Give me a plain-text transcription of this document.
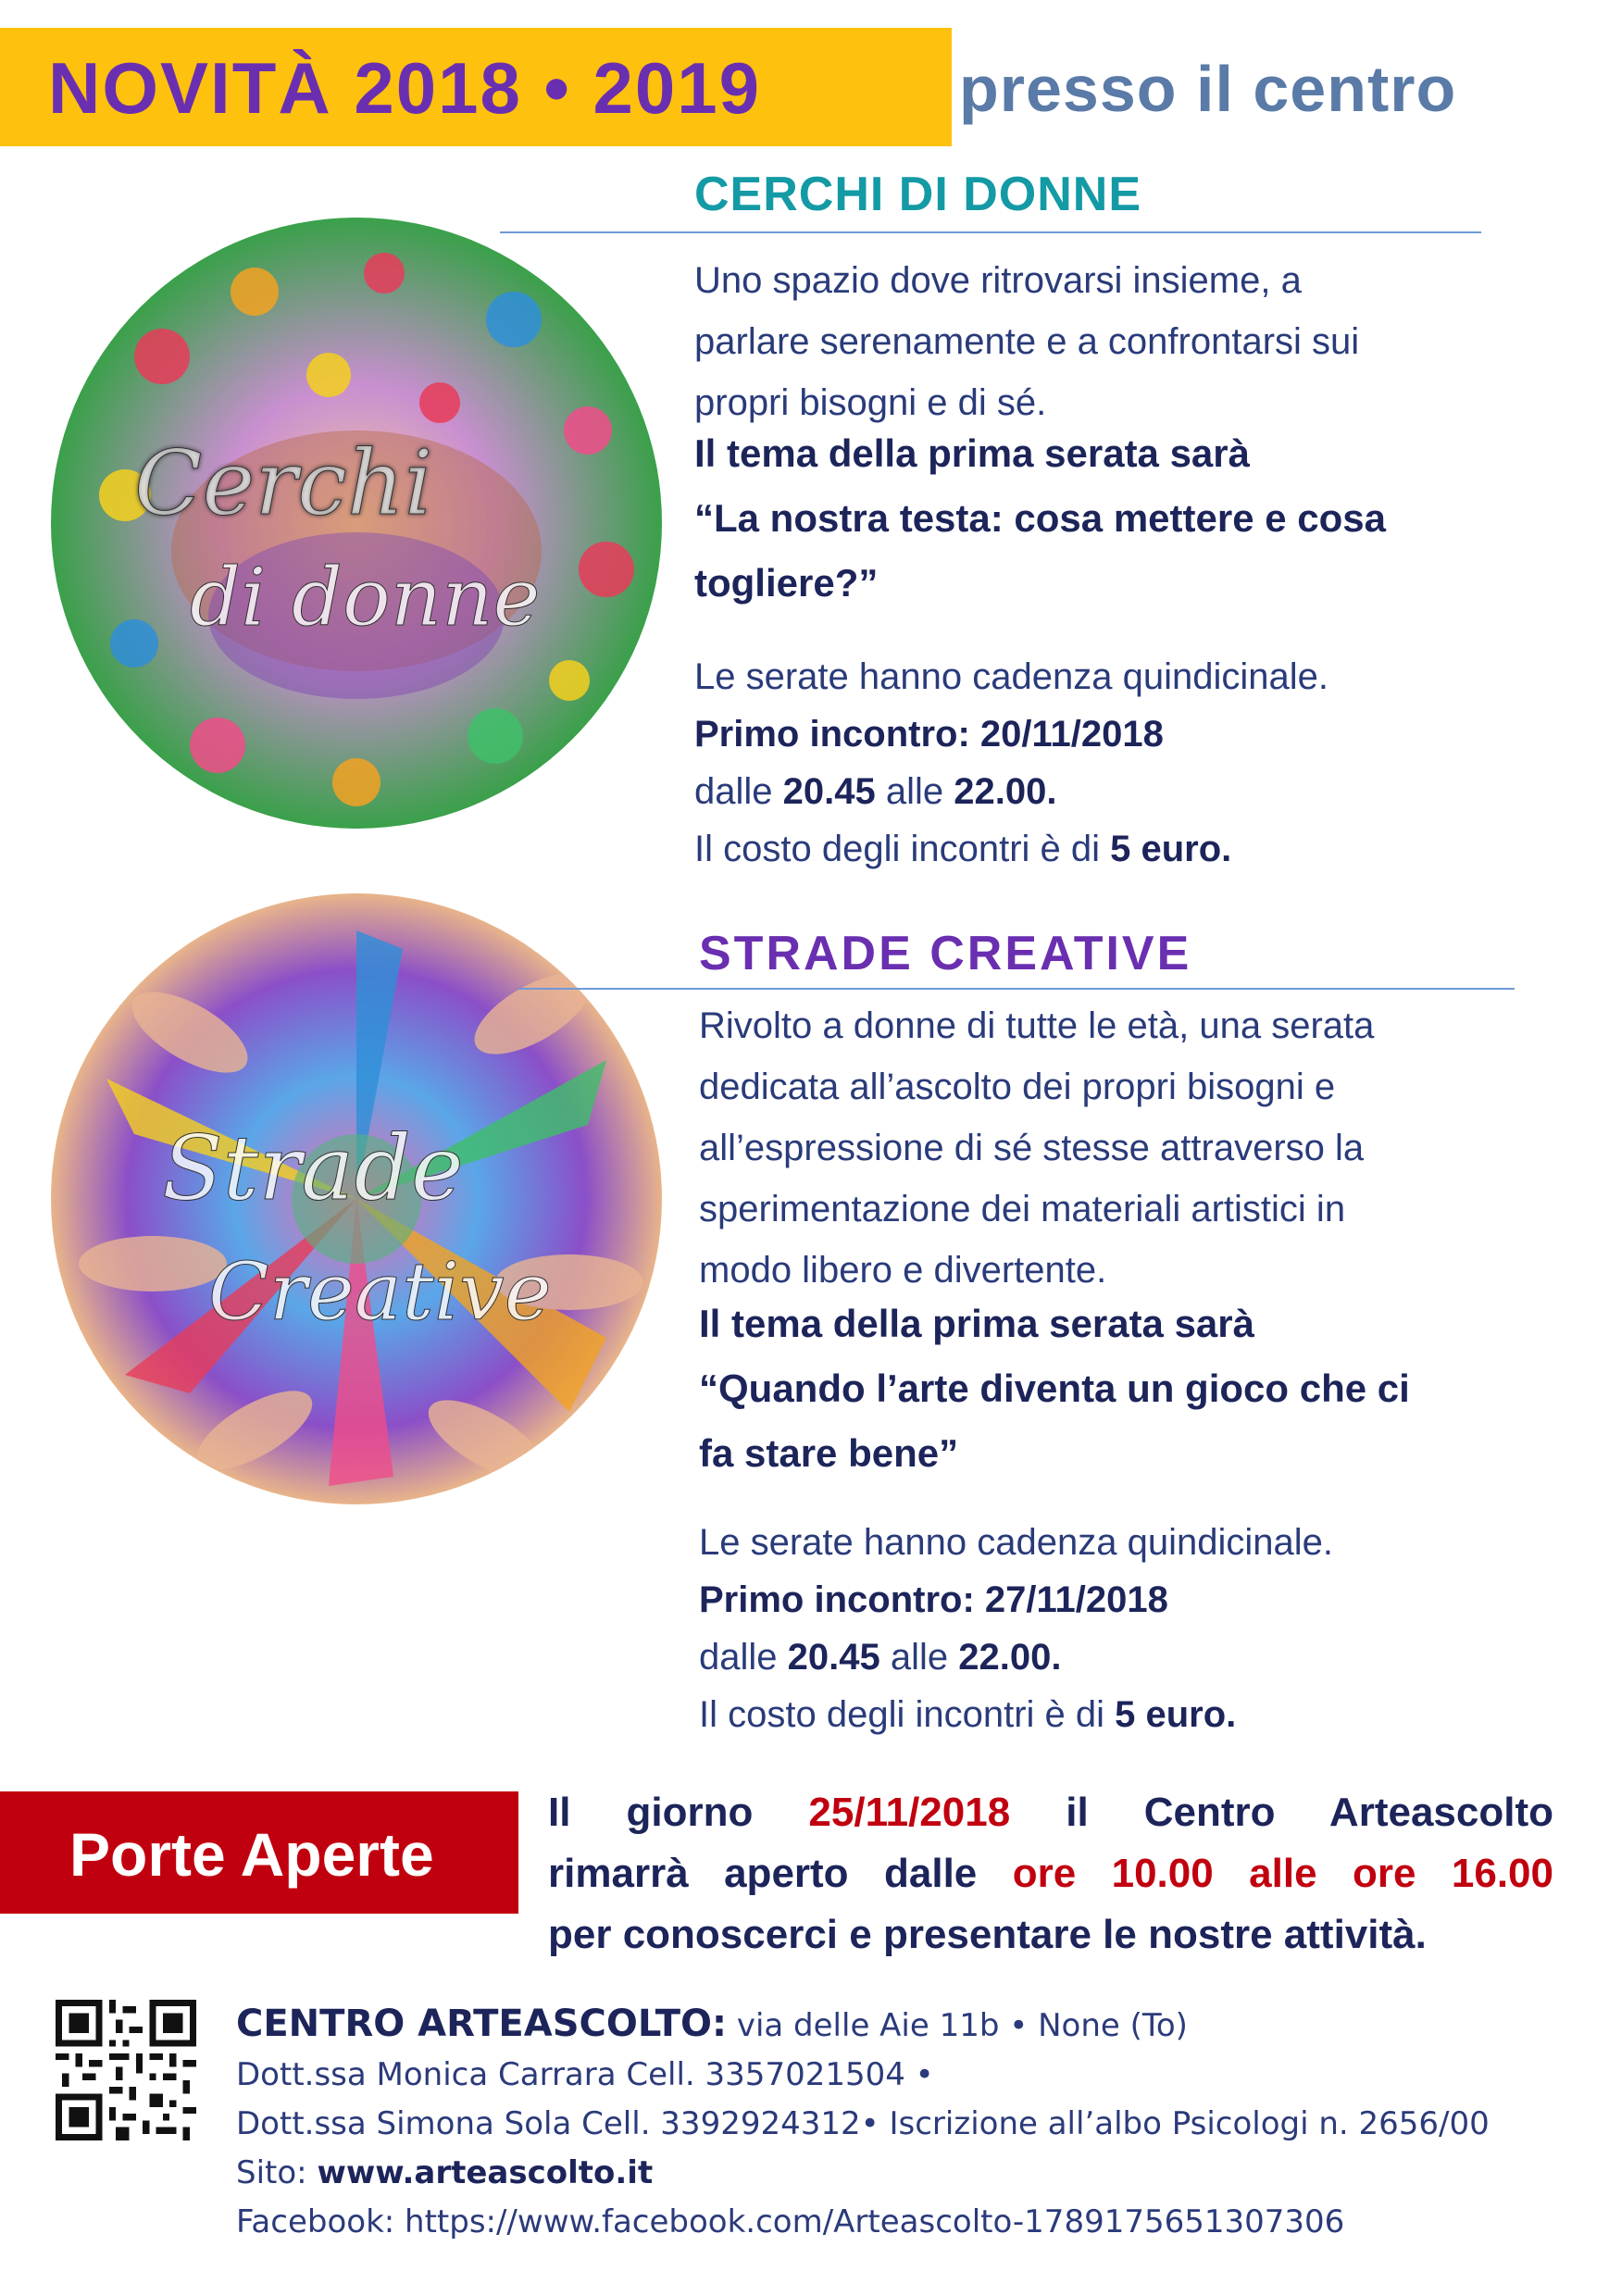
NOVITÀ 2018 • 2019	presso il centro
Cerchi
di donne
Strade
Creative
CERCHI DI DONNE
Uno spazio dove ritrovarsi insieme, a
parlare serenamente e a confrontarsi sui
propri bisogni e di sé.
Il tema della prima serata sarà
“La nostra testa: cosa mettere e cosa
togliere?”
Le serate hanno cadenza quindicinale.
Primo incontro: 20/11/2018
dalle 20.45 alle 22.00.
Il costo degli incontri è di 5 euro.
STRADE CREATIVE
Rivolto a donne di tutte le età, una serata
dedicata all’ascolto dei propri bisogni e
all’espressione di sé stesse attraverso la
sperimentazione dei materiali artistici in
modo libero e divertente.
Il tema della prima serata sarà
“Quando l’arte diventa un gioco che ci
fa stare bene”
Le serate hanno cadenza quindicinale.
Primo incontro: 27/11/2018
dalle 20.45 alle 22.00.
Il costo degli incontri è di 5 euro.
Porte Aperte
Il giorno 25/11/2018 il Centro Arteascolto
rimarrà aperto dalle ore 10.00 alle ore 16.00
per conoscerci e presentare le nostre attività.
CENTRO ARTEASCOLTO: via delle Aie 11b • None (To)
Dott.ssa Monica Carrara Cell. 3357021504 •
Dott.ssa Simona Sola Cell. 3392924312• Iscrizione all’albo Psicologi n. 2656/00
Sito: www.arteascolto.it
Facebook: https://www.facebook.com/Arteascolto-1789175651307306
